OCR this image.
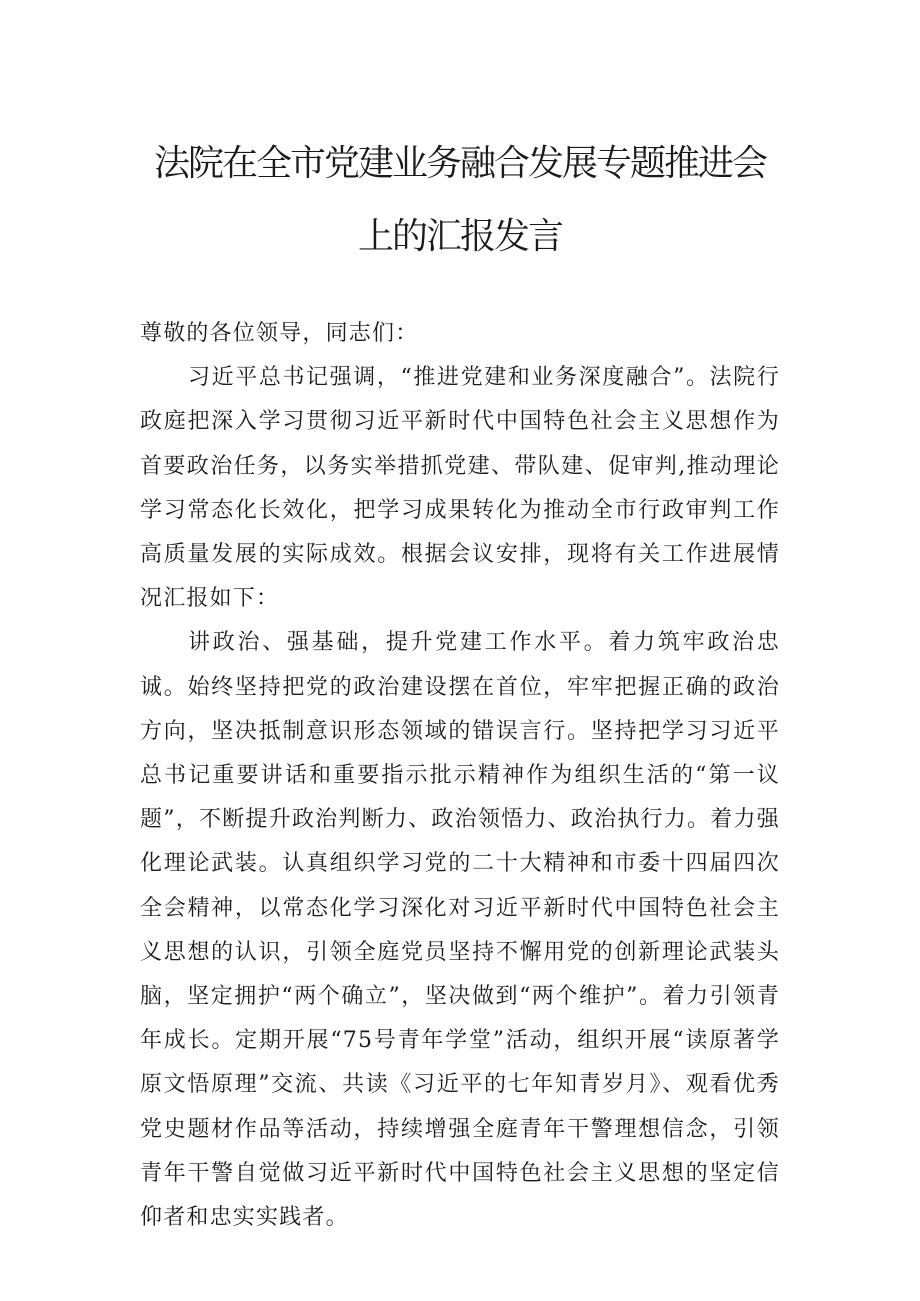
法院在全市党建业务融合发展专题推进会
上的汇报发言

尊敬的各位领导，同志们：

习近平总书记强调，“推进党建和业务深度融合”。法院行政庭把深入学习贯彻习近平新时代中国特色社会主义思想作为首要政治任务，以务实举措抓党建、带队建、促审判,推动理论学习常态化长效化，把学习成果转化为推动全市行政审判工作高质量发展的实际成效。根据会议安排，现将有关工作进展情况汇报如下：

讲政治、强基础，提升党建工作水平。着力筑牢政治忠诚。始终坚持把党的政治建设摆在首位，牢牢把握正确的政治方向，坚决抵制意识形态领域的错误言行。坚持把学习习近平总书记重要讲话和重要指示批示精神作为组织生活的“第一议题”，不断提升政治判断力、政治领悟力、政治执行力。着力强化理论武装。认真组织学习党的二十大精神和市委十四届四次全会精神，以常态化学习深化对习近平新时代中国特色社会主义思想的认识，引领全庭党员坚持不懈用党的创新理论武装头脑，坚定拥护“两个确立”，坚决做到“两个维护”。着力引领青年成长。定期开展“75号青年学堂”活动，组织开展“读原著学原文悟原理”交流、共读《习近平的七年知青岁月》、观看优秀党史题材作品等活动，持续增强全庭青年干警理想信念，引领青年干警自觉做习近平新时代中国特色社会主义思想的坚定信仰者和忠实实践者。
